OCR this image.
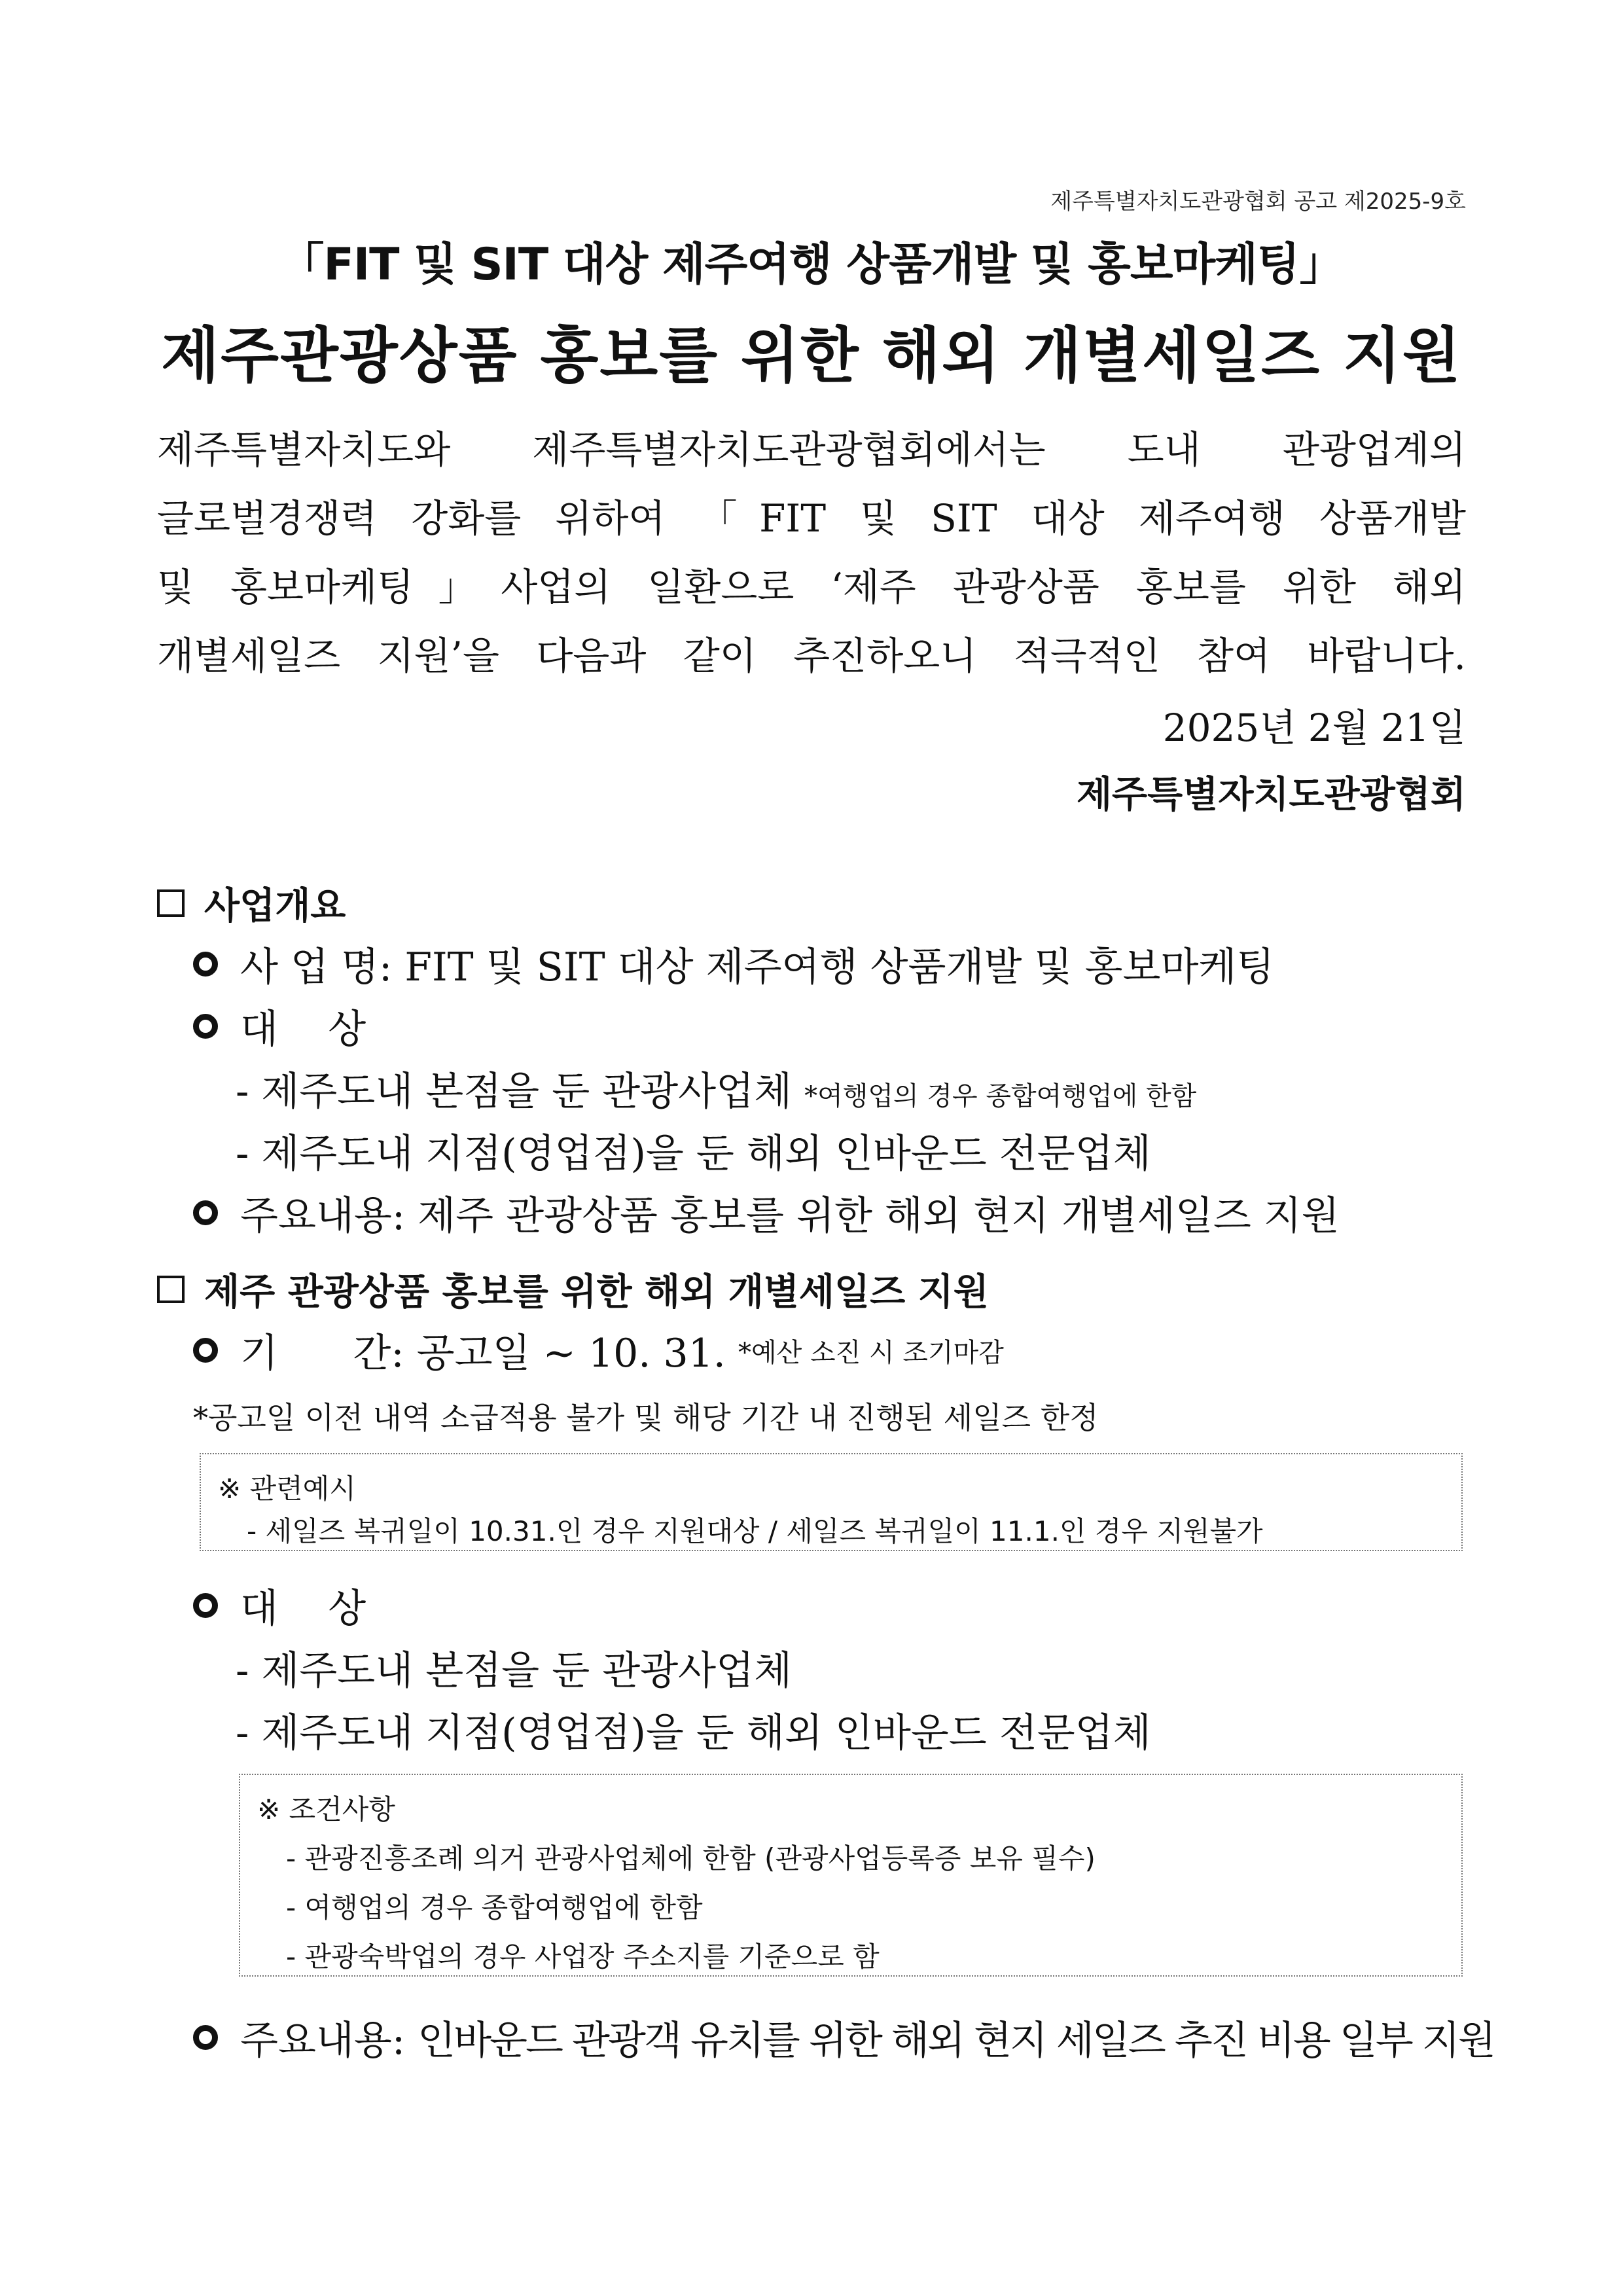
제주특별자치도관광협회 공고 제2025-9호
「FIT 및 SIT 대상 제주여행 상품개발 및 홍보마케팅」
제주관광상품 홍보를 위한 해외 개별세일즈 지원
제주특별자치도와 제주특별자치도관광협회에서는 도내 관광업계의
글로벌경쟁력 강화를 위하여 「FIT 및 SIT 대상 제주여행 상품개발
및 홍보마케팅」사업의 일환으로 ‘제주 관광상품 홍보를 위한 해외
개별세일즈 지원’을 다음과 같이 추진하오니 적극적인 참여 바랍니다.
2025년 2월 21일
제주특별자치도관광협회
사업개요
사 업 명:
FIT 및 SIT 대상 제주여행 상품개발 및 홍보마케팅
대    상
- 제주도내 본점을 둔 관광사업체 *여행업의 경우 종합여행업에 한함
- 제주도내 지점(영업점)을 둔 해외 인바운드 전문업체
주요내용:
제주 관광상품 홍보를 위한 해외 현지 개별세일즈 지원
제주 관광상품 홍보를 위한 해외 개별세일즈 지원
기      간:
공고일 ~ 10. 31.
*예산 소진 시 조기마감
*공고일 이전 내역 소급적용 불가 및 해당 기간 내 진행된 세일즈 한정
※ 관련예시
- 세일즈 복귀일이 10.31.인 경우 지원대상 / 세일즈 복귀일이 11.1.인 경우 지원불가
대    상
- 제주도내 본점을 둔 관광사업체
- 제주도내 지점(영업점)을 둔 해외 인바운드 전문업체
※ 조건사항
- 관광진흥조례 의거 관광사업체에 한함 (관광사업등록증 보유 필수)
- 여행업의 경우 종합여행업에 한함
- 관광숙박업의 경우 사업장 주소지를 기준으로 함
주요내용:
인바운드 관광객 유치를 위한 해외 현지 세일즈 추진 비용 일부 지원
